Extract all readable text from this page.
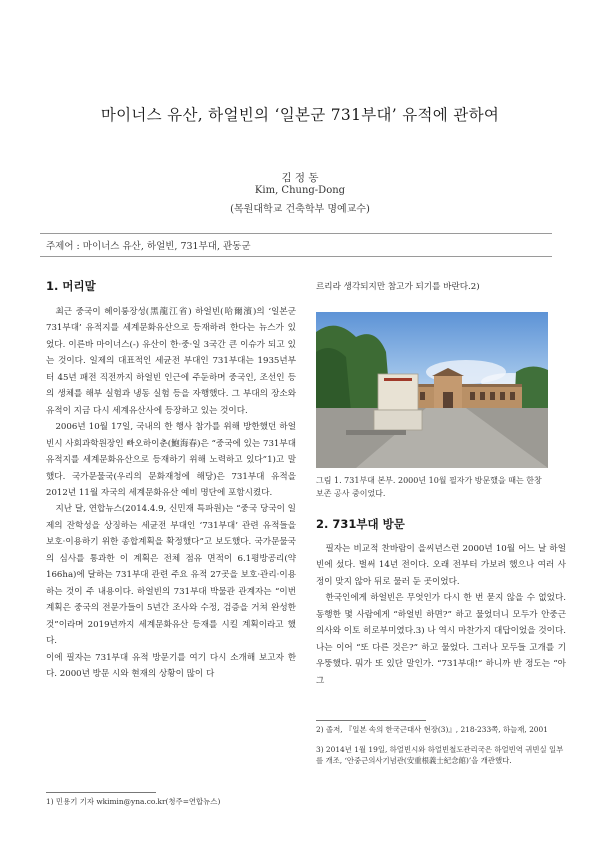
마이너스 유산, 하얼빈의 ‘일본군 731부대’ 유적에 관하여
김 정 동
Kim, Chung-Dong
(목원대학교 건축학부 명예교수)
주제어 : 마이너스 유산, 하얼빈, 731부대, 관동군
1. 머리말

최근 중국이 헤이룽장성(黑龍江省) 하얼빈(哈爾濱)의 ‘일본군 731부대’ 유적지를 세계문화유산으로 등재하려 한다는 뉴스가 있었다. 이른바 마이너스(-) 유산이 한·중·일 3국간 큰 이슈가 되고 있는 것이다. 일제의 대표적인 세균전 부대인 731부대는 1935년부터 45년 패전 직전까지 하얼빈 인근에 주둔하며 중국인, 조선인 등의 생체를 해부 실험과 냉동 실험 등을 자행했다. 그 부대의 장소와 유적이 지금 다시 세계유산사에 등장하고 있는 것이다.

2006년 10월 17일, 국내의 한 행사 참가를 위해 방한했던 하얼빈시 사회과학원장인 빠오하이춘(鮑海春)은 “중국에 있는 731부대 유적지를 세계문화유산으로 등재하기 위해 노력하고 있다”1)고 말했다. 국가문물국(우리의 문화재청에 해당)은 731부대 유적을 2012년 11월 자국의 세계문화유산 예비 명단에 포함시켰다.

지난 달, 연합뉴스(2014.4.9, 신민재 특파원)는 “중국 당국이 일제의 잔학성을 상징하는 세균전 부대인 ‘731부대’ 관련 유적들을 보호·이용하기 위한 종합계획을 확정했다”고 보도했다. 국가문물국의 심사를 통과한 이 계획은 전체 점유 면적이 6.1평방공리(약 166ha)에 달하는 731부대 관련 주요 유적 27곳을 보호·관리·이용하는 것이 주 내용이다. 하얼빈의 731부대 박물관 관계자는 “이번 계획은 중국의 전문가들이 5년간 조사와 수정, 검증을 거쳐 완성한 것”이라며 2019년까지 세계문화유산 등재를 시킬 계획이라고 했다.

이에 필자는 731부대 유적 방문기를 여기 다시 소개해 보고자 한다. 2000년 방문 시와 현재의 상황이 많이 다

1) 민용기 기자 wkimin@yna.co.kr(청주=연합뉴스)

르리라 생각되지만 참고가 되기를 바란다.2)

그림 1. 731부대 본부. 2000년 10월 필자가 방문했을 때는 한창 보존 공사 중이었다.
2. 731부대 방문

필자는 비교적 찬바람이 을씨년스런 2000년 10월 어느 날 하얼빈에 섰다. 벌써 14년 전이다. 오래 전부터 가보려 했으나 여러 사정이 맞지 않아 뒤로 물러 둔 곳이었다.

한국인에게 하얼빈은 무엇인가 다시 한 번 묻지 않을 수 없었다. 동행한 몇 사람에게 “하얼빈 하면?” 하고 물었더니 모두가 안중근의사와 이토 히로부미였다.3) 나 역시 마찬가지 대답이었을 것이다. 나는 이어 “또 다른 것은?” 하고 물었다. 그러나 모두들 고개를 기우뚱했다. 뭐가 또 있단 말인가. “731부대!” 하니까 반 정도는 “아 그

2) 졸저, 『일본 속의 한국근대사 현장(3)』, 218-233쪽, 하늘재, 2001

3) 2014년 1월 19일, 하얼빈시와 하얼빈철도관리국은 하얼빈역 귀빈실 일부를 개조, ‘안중근의사기념관(安重根義士紀念館)’을 개관했다.
